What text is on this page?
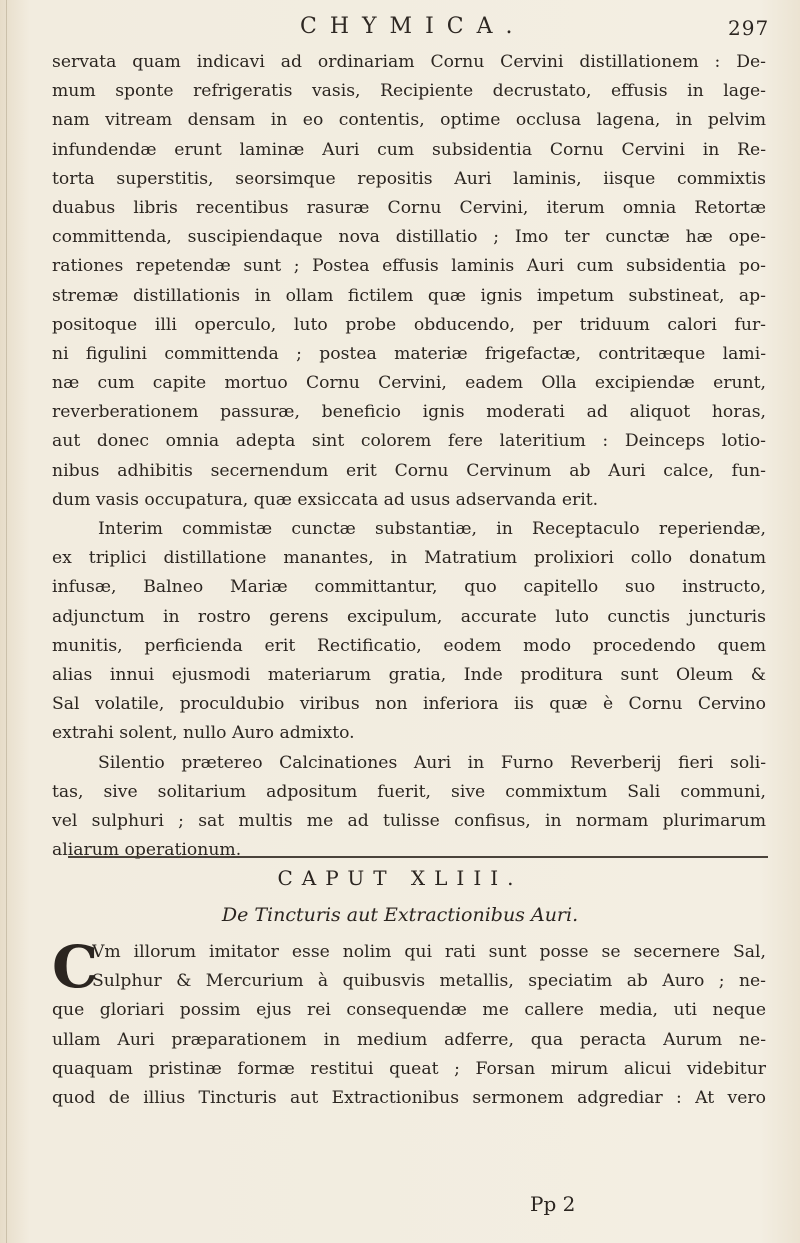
CHYMICA.	297
servata quam indicavi ad ordinariam Cornu Cervini distillationem : De-
mum sponte refrigeratis vasis, Recipiente decrustato, effusis in lage-
nam vitream densam in eo contentis, optime occlusa lagena, in pelvim
infundendæ erunt laminæ Auri cum subsidentia Cornu Cervini in Re-
torta superstitis, seorsimque repositis Auri laminis, iisque commixtis
duabus libris recentibus rasuræ Cornu Cervini, iterum omnia Retortæ
committenda, suscipiendaque nova distillatio ; Imo ter cunctæ hæ ope-
rationes repetendæ sunt ; Postea effusis laminis Auri cum subsidentia po-
stremæ distillationis in ollam fictilem quæ ignis impetum substineat, ap-
positoque illi operculo, luto probe obducendo, per triduum calori fur-
ni figulini committenda ; postea materiæ frigefactæ, contritæque lami-
næ cum capite mortuo Cornu Cervini, eadem Olla excipiendæ erunt,
reverberationem passuræ, beneficio ignis moderati ad aliquot horas,
aut donec omnia adepta sint colorem fere lateritium : Deinceps lotio-
nibus adhibitis secernendum erit Cornu Cervinum ab Auri calce, fun-
dum vasis occupatura, quæ exsiccata ad usus adservanda erit.
Interim commistæ cunctæ substantiæ, in Receptaculo reperiendæ,
ex triplici distillatione manantes, in Matratium prolixiori collo donatum
infusæ, Balneo Mariæ committantur, quo capitello suo instructo,
adjunctum in rostro gerens excipulum, accurate luto cunctis juncturis
munitis, perficienda erit Rectificatio, eodem modo procedendo quem
alias innui ejusmodi materiarum gratia, Inde proditura sunt Oleum &
Sal volatile, proculdubio viribus non inferiora iis quæ è Cornu Cervino
extrahi solent, nullo Auro admixto.
Silentio prætereo Calcinationes Auri in Furno Reverberij fieri soli-
tas, sive solitarium adpositum fuerit, sive commixtum Sali communi,
vel sulphuri ; sat multis me ad tulisse confisus, in normam plurimarum
aliarum operationum.
CAPUT XLIII.
De Tincturis aut Extractionibus Auri.
C
Vm illorum imitator esse nolim qui rati sunt posse se secernere Sal,
Sulphur & Mercurium à quibusvis metallis, speciatim ab Auro ; ne-
que gloriari possim ejus rei consequendæ me callere media, uti neque
ullam Auri præparationem in medium adferre, qua peracta Aurum ne-
quaquam pristinæ formæ restitui queat ; Forsan mirum alicui videbitur
quod de illius Tincturis aut Extractionibus sermonem adgrediar : At vero
Pp 2
